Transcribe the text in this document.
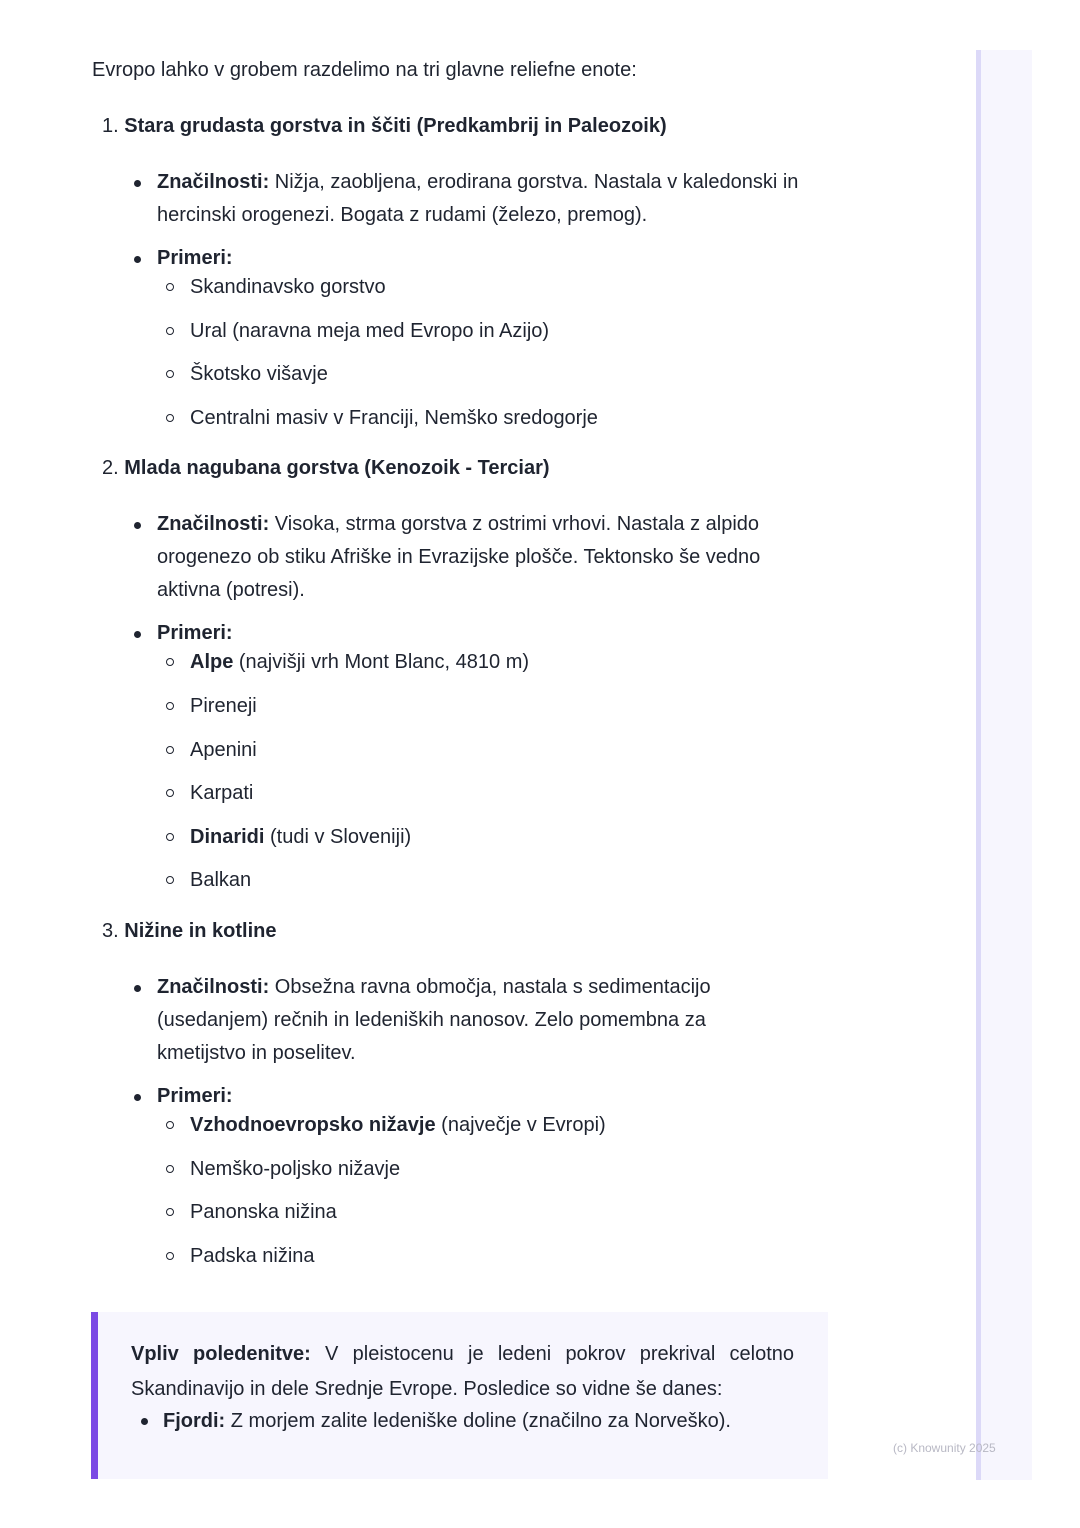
Evropo lahko v grobem razdelimo na tri glavne reliefne enote:

1. Stara grudasta gorstva in ščiti (Predkambrij in Paleozoik)
Značilnosti: Nižja, zaobljena, erodirana gorstva. Nastala v kaledonski in
hercinski orogenezi. Bogata z rudami (železo, premog).
Primeri:
Skandinavsko gorstvo
Ural (naravna meja med Evropo in Azijo)
Škotsko višavje
Centralni masiv v Franciji, Nemško sredogorje
2. Mlada nagubana gorstva (Kenozoik - Terciar)
Značilnosti: Visoka, strma gorstva z ostrimi vrhovi. Nastala z alpido
orogenezo ob stiku Afriške in Evrazijske plošče. Tektonsko še vedno
aktivna (potresi).
Primeri:
Alpe (najvišji vrh Mont Blanc, 4810 m)
Pireneji
Apenini
Karpati
Dinaridi (tudi v Sloveniji)
Balkan
3. Nižine in kotline
Značilnosti: Obsežna ravna območja, nastala s sedimentacijo
(usedanjem) rečnih in ledeniških nanosov. Zelo pomembna za
kmetijstvo in poselitev.
Primeri:
Vzhodnoevropsko nižavje (največje v Evropi)
Nemško-poljsko nižavje
Panonska nižina
Padska nižina
Vpliv poledenitve: V pleistocenu je ledeni pokrov prekrival celotno Skandinavijo in dele Srednje Evrope. Posledice so vidne še danes:
Fjordi: Z morjem zalite ledeniške doline (značilno za Norveško).
(c) Knowunity 2025
